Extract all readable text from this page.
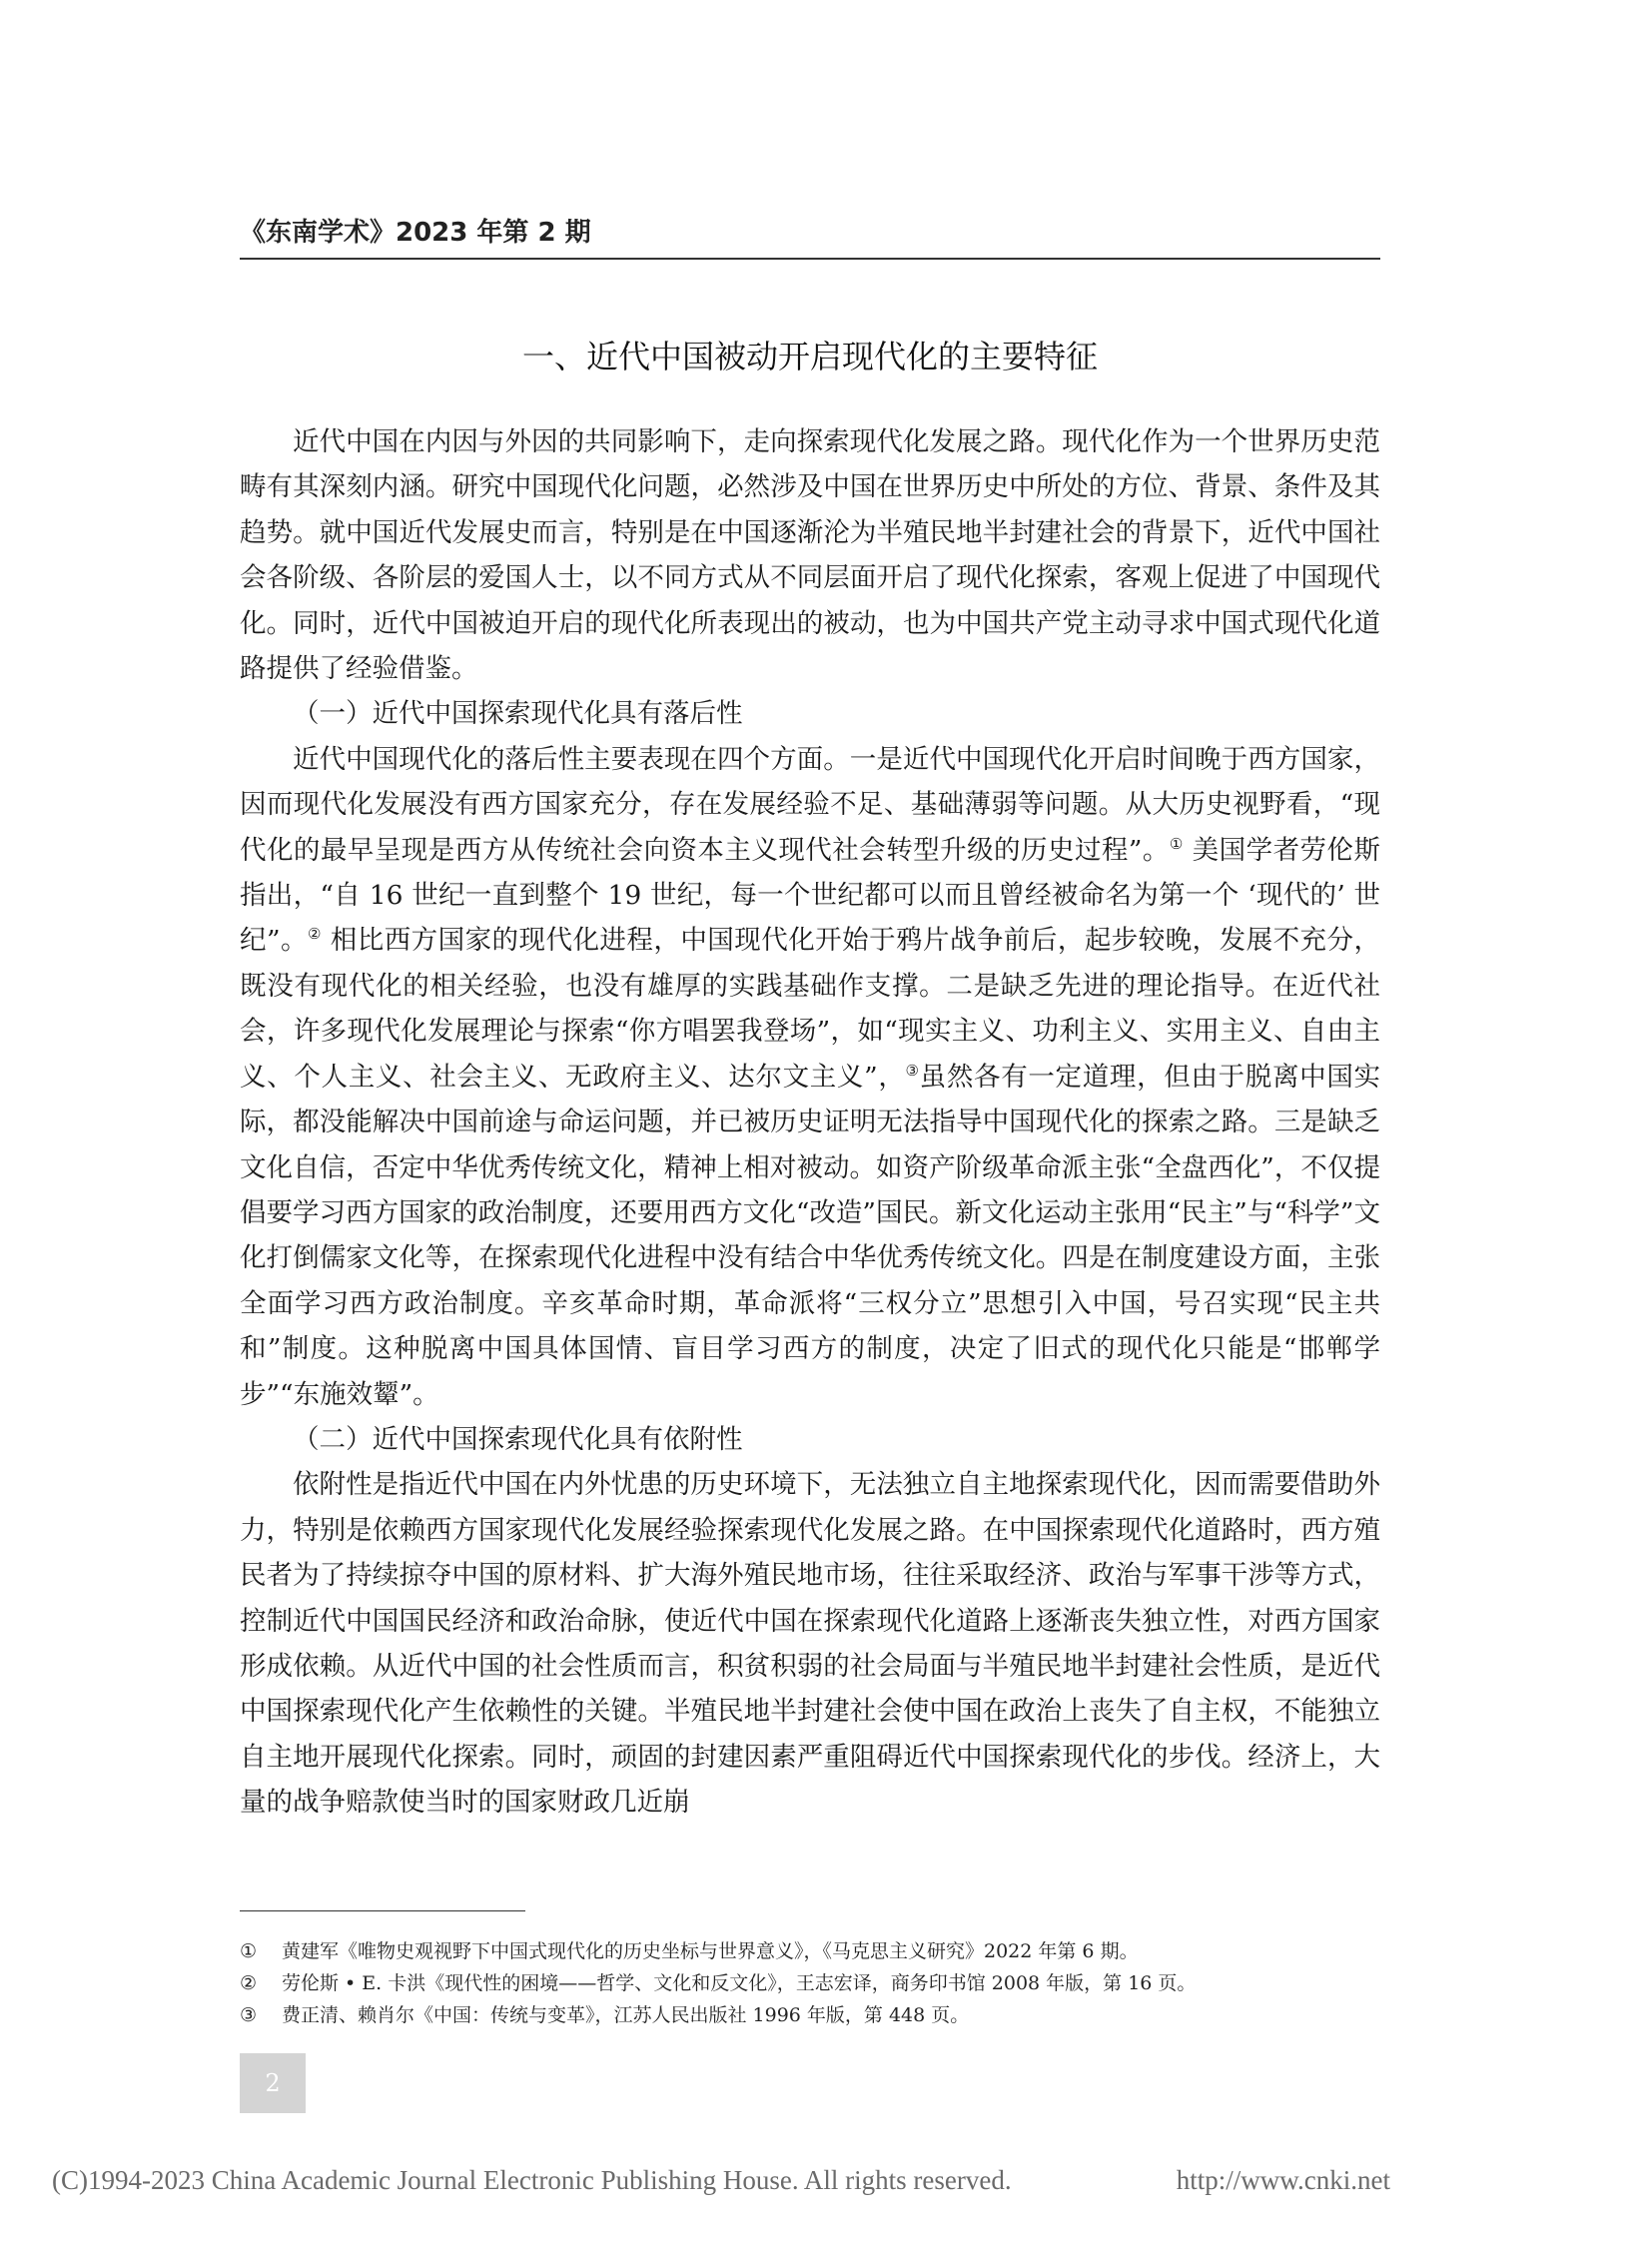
《东南学术》2023 年第 2 期
一、近代中国被动开启现代化的主要特征

近代中国在内因与外因的共同影响下，走向探索现代化发展之路。现代化作为一个世界历史范畴有其深刻内涵。研究中国现代化问题，必然涉及中国在世界历史中所处的方位、背景、条件及其趋势。就中国近代发展史而言，特别是在中国逐渐沦为半殖民地半封建社会的背景下，近代中国社会各阶级、各阶层的爱国人士，以不同方式从不同层面开启了现代化探索，客观上促进了中国现代化。同时，近代中国被迫开启的现代化所表现出的被动，也为中国共产党主动寻求中国式现代化道路提供了经验借鉴。

（一）近代中国探索现代化具有落后性

近代中国现代化的落后性主要表现在四个方面。一是近代中国现代化开启时间晚于西方国家，因而现代化发展没有西方国家充分，存在发展经验不足、基础薄弱等问题。从大历史视野看，“现代化的最早呈现是西方从传统社会向资本主义现代社会转型升级的历史过程”。① 美国学者劳伦斯指出，“自 16 世纪一直到整个 19 世纪，每一个世纪都可以而且曾经被命名为第一个 ‘现代的’ 世纪”。② 相比西方国家的现代化进程，中国现代化开始于鸦片战争前后，起步较晚，发展不充分，既没有现代化的相关经验，也没有雄厚的实践基础作支撑。二是缺乏先进的理论指导。在近代社会，许多现代化发展理论与探索“你方唱罢我登场”，如“现实主义、功利主义、实用主义、自由主义、个人主义、社会主义、无政府主义、达尔文主义”，③虽然各有一定道理，但由于脱离中国实际，都没能解决中国前途与命运问题，并已被历史证明无法指导中国现代化的探索之路。三是缺乏文化自信，否定中华优秀传统文化，精神上相对被动。如资产阶级革命派主张“全盘西化”，不仅提倡要学习西方国家的政治制度，还要用西方文化“改造”国民。新文化运动主张用“民主”与“科学”文化打倒儒家文化等，在探索现代化进程中没有结合中华优秀传统文化。四是在制度建设方面，主张全面学习西方政治制度。辛亥革命时期，革命派将“三权分立”思想引入中国，号召实现“民主共和”制度。这种脱离中国具体国情、盲目学习西方的制度，决定了旧式的现代化只能是“邯郸学步”“东施效颦”。

（二）近代中国探索现代化具有依附性

依附性是指近代中国在内外忧患的历史环境下，无法独立自主地探索现代化，因而需要借助外力，特别是依赖西方国家现代化发展经验探索现代化发展之路。在中国探索现代化道路时，西方殖民者为了持续掠夺中国的原材料、扩大海外殖民地市场，往往采取经济、政治与军事干涉等方式，控制近代中国国民经济和政治命脉，使近代中国在探索现代化道路上逐渐丧失独立性，对西方国家形成依赖。从近代中国的社会性质而言，积贫积弱的社会局面与半殖民地半封建社会性质，是近代中国探索现代化产生依赖性的关键。半殖民地半封建社会使中国在政治上丧失了自主权，不能独立自主地开展现代化探索。同时，顽固的封建因素严重阻碍近代中国探索现代化的步伐。经济上，大量的战争赔款使当时的国家财政几近崩

①	黄建军《唯物史观视野下中国式现代化的历史坐标与世界意义》，《马克思主义研究》2022 年第 6 期。
②	劳伦斯 • E. 卡洪《现代性的困境——哲学、文化和反文化》，王志宏译，商务印书馆 2008 年版，第 16 页。
③	费正清、赖肖尔《中国：传统与变革》，江苏人民出版社 1996 年版，第 448 页。
2
(C)1994-2023 China Academic Journal Electronic Publishing House. All rights reserved.	http://www.cnki.net
